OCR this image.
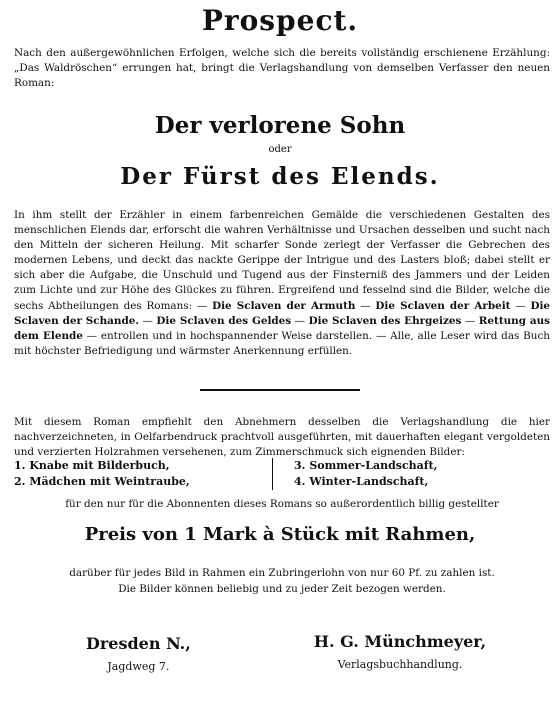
Prospect.
Nach den außergewöhnlichen Erfolgen, welche sich die bereits vollständig erschienene Erzählung: „Das Waldröschen“ errungen hat, bringt die Verlagshandlung von demselben Verfasser den neuen Roman:
Der verlorene Sohn
oder
Der Fürst des Elends.
In ihm stellt der Erzähler in einem farbenreichen Gemälde die verschiedenen Gestalten des menschlichen Elends dar, erforscht die wahren Verhältnisse und Ursachen desselben und sucht nach den Mitteln der sicheren Heilung. Mit scharfer Sonde zerlegt der Verfasser die Gebrechen des modernen Lebens, und deckt das nackte Gerippe der Intrigue und des Lasters bloß; dabei stellt er sich aber die Aufgabe, die Unschuld und Tugend aus der Finsterniß des Jammers und der Leiden zum Lichte und zur Höhe des Glückes zu führen. Ergreifend und fesselnd sind die Bilder, welche die sechs Abtheilungen des Romans: — Die Sclaven der Armuth — Die Sclaven der Arbeit — Die Sclaven der Schande. — Die Sclaven des Geldes — Die Sclaven des Ehrgeizes — Rettung aus dem Elende — entrollen und in hochspannender Weise darstellen. — Alle, alle Leser wird das Buch mit höchster Befriedigung und wärmster Anerkennung erfüllen.
Mit diesem Roman empfiehlt den Abnehmern desselben die Verlagshandlung die hier nachverzeichneten, in Oelfarbendruck prachtvoll ausgeführten, mit dauerhaften elegant vergoldeten und verzierten Holzrahmen versehenen, zum Zimmerschmuck sich eignenden Bilder:
1. Knabe mit Bilderbuch,
2. Mädchen mit Weintraube,
3. Sommer-Landschaft,
4. Winter-Landschaft,
für den nur für die Abonnenten dieses Romans so außerordentlich billig gestellter
Preis von 1 Mark à Stück mit Rahmen,
darüber für jedes Bild in Rahmen ein Zubringerlohn von nur 60 Pf. zu zahlen ist.
Die Bilder können beliebig und zu jeder Zeit bezogen werden.
Dresden N.,
Jagdweg 7.
H. G. Münchmeyer,
Verlagsbuchhandlung.
